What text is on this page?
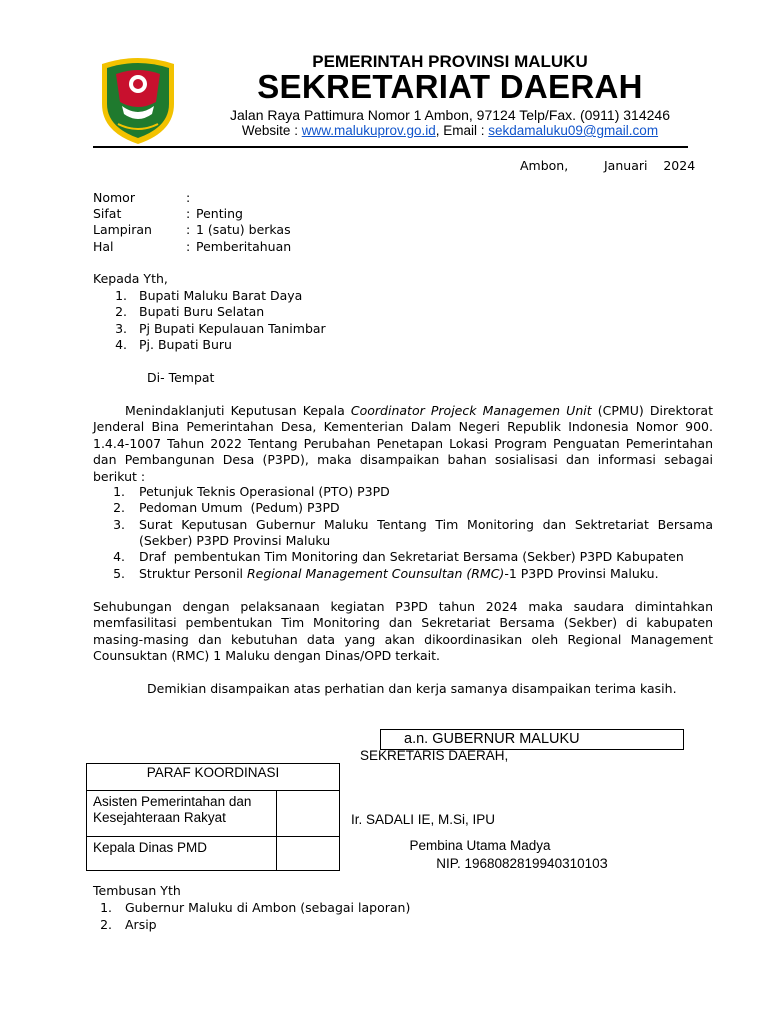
PEMERINTAH PROVINSI MALUKU
SEKRETARIAT DAERAH
Jalan Raya Pattimura Nomor 1 Ambon, 97124 Telp/Fax. (0911) 314246
Website : www.malukuprov.go.id, Email : sekdamaluku09@gmail.com
Ambon,	Januari    2024
Nomor	:
Sifat	: Penting
Lampiran	: 1 (satu) berkas
Hal	: Pemberitahuan
Kepada Yth,
1. Bupati Maluku Barat Daya
2. Bupati Buru Selatan
3. Pj Bupati Kepulauan Tanimbar
4. Pj. Bupati Buru
Di- Tempat

Menindaklanjuti Keputusan Kepala Coordinator Projeck Managemen Unit (CPMU) Direktorat Jenderal Bina Pemerintahan Desa, Kementerian Dalam Negeri Republik Indonesia Nomor 900. 1.4.4-1007 Tahun 2022 Tentang Perubahan Penetapan Lokasi Program Penguatan Pemerintahan dan Pembangunan Desa (P3PD), maka disampaikan bahan sosialisasi dan informasi sebagai berikut :

1. Petunjuk Teknis Operasional (PTO) P3PD
2. Pedoman Umum  (Pedum) P3PD
3. Surat Keputusan Gubernur Maluku Tentang Tim Monitoring dan Sektretariat Bersama (Sekber) P3PD Provinsi Maluku
4. Draf  pembentukan Tim Monitoring dan Sekretariat Bersama (Sekber) P3PD Kabupaten
5. Struktur Personil Regional Management Counsultan (RMC)-1 P3PD Provinsi Maluku.

Sehubungan dengan pelaksanaan kegiatan P3PD tahun 2024 maka saudara dimintahkan memfasilitasi pembentukan Tim Monitoring dan Sekretariat Bersama (Sekber) di kabupaten masing-masing dan kebutuhan data yang akan dikoordinasikan oleh Regional Management Counsuktan (RMC) 1 Maluku dengan Dinas/OPD terkait.

Demikian disampaikan atas perhatian dan kerja samanya disampaikan terima kasih.
a.n. GUBERNUR MALUKU
SEKRETARIS DAERAH,
Ir. SADALI IE, M.Si, IPU
Pembina Utama Madya
NIP. 196808281994031010З
PARAF KOORDINASI	
Asisten Pemerintahan dan Kesejahteraan Rakyat	
Kepala Dinas PMD	
Tembusan Yth
1. Gubernur Maluku di Ambon (sebagai laporan)
2. Arsip
